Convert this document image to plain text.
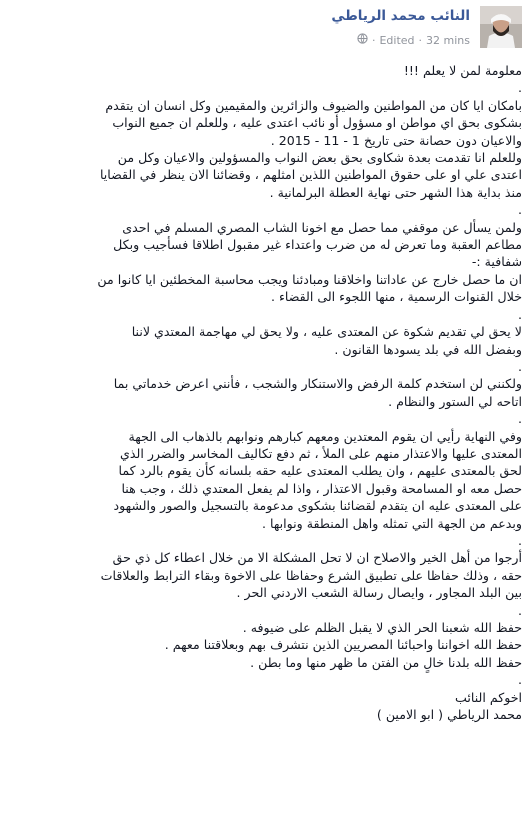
النائب محمد الرياطي
32 mins
·
Edited
·

معلومة لمن لا يعلم !!!
.

بامكان ايا كان من المواطنين والضيوف والزائرين والمقيمين وكل انسان ان يتقدم
بشكوى بحق اي مواطن او مسؤول أو نائب اعتدى عليه ، وللعلم ان جميع النواب
والاعيان دون حصانة حتى تاريخ 1 - 11 - 2015 .
وللعلم انا تقدمت بعدة شكاوى بحق بعض النواب والمسؤولين والاعيان وكل من
اعتدى علي او على حقوق المواطنين اللذين امثلهم ، وقضائنا الان ينظر في القضايا
منذ بداية هذا الشهر حتى نهاية العطلة البرلمانية .
.

ولمن يسأل عن موقفي مما حصل مع اخونا الشاب المصري المسلم في احدى
مطاعم العقبة وما تعرض له من ضرب واعتداء غير مقبول اطلاقا فسأجيب وبكل
شفافية :-
ان ما حصل خارج عن عاداتنا واخلاقنا ومبادئنا ويجب محاسبة المخطئين ايا كانوا من
خلال القنوات الرسمية ، منها اللجوء الى القضاء .
.

لا يحق لي تقديم شكوة عن المعتدى عليه ، ولا يحق لي مهاجمة المعتدي لاننا
وبفضل الله في بلد يسودها القانون .
.

ولكنني لن استخدم كلمة الرفض والاستنكار والشجب ، فأنني اعرض خدماتي بما
اتاحه لي الستور والنظام .
.

وفي النهاية رأيي ان يقوم المعتدين ومعهم كبارهم ونوابهم بالذهاب الى الجهة
المعتدى عليها والاعتذار منهم على الملأ ، ثم دفع تكاليف المخاسر والضرر الذي
لحق بالمعتدى عليهم ، وان يطلب المعتدى عليه حقه بلسانه كأن يقوم بالرد كما
حصل معه او المسامحة وقبول الاعتذار ، واذا لم يفعل المعتدي ذلك ، وجب هنا
على المعتدى عليه ان يتقدم لقضائنا بشكوى مدعومة بالتسجيل والصور والشهود
وبدعم من الجهة التي تمثله واهل المنطقة ونوابها .
.

أرجوا من أهل الخير والاصلاح ان لا تحل المشكلة الا من خلال اعطاء كل ذي حق
حقه ، وذلك حفاظا على تطبيق الشرع وحفاظا على الاخوة وبقاء الترابط والعلاقات
بين البلد المجاور ، وايصال رسالة الشعب الاردني الحر .
.

حفظ الله شعبنا الحر الذي لا يقبل الظلم على ضيوفه .
حفظ الله اخواننا واحبائنا المصريين الذين نتشرف بهم وبعلاقتنا معهم .
حفظ الله بلدنا خالٍ من الفتن ما ظهر منها وما بطن .
.

اخوكم النائب
محمد الرياطي ( ابو الامين )
